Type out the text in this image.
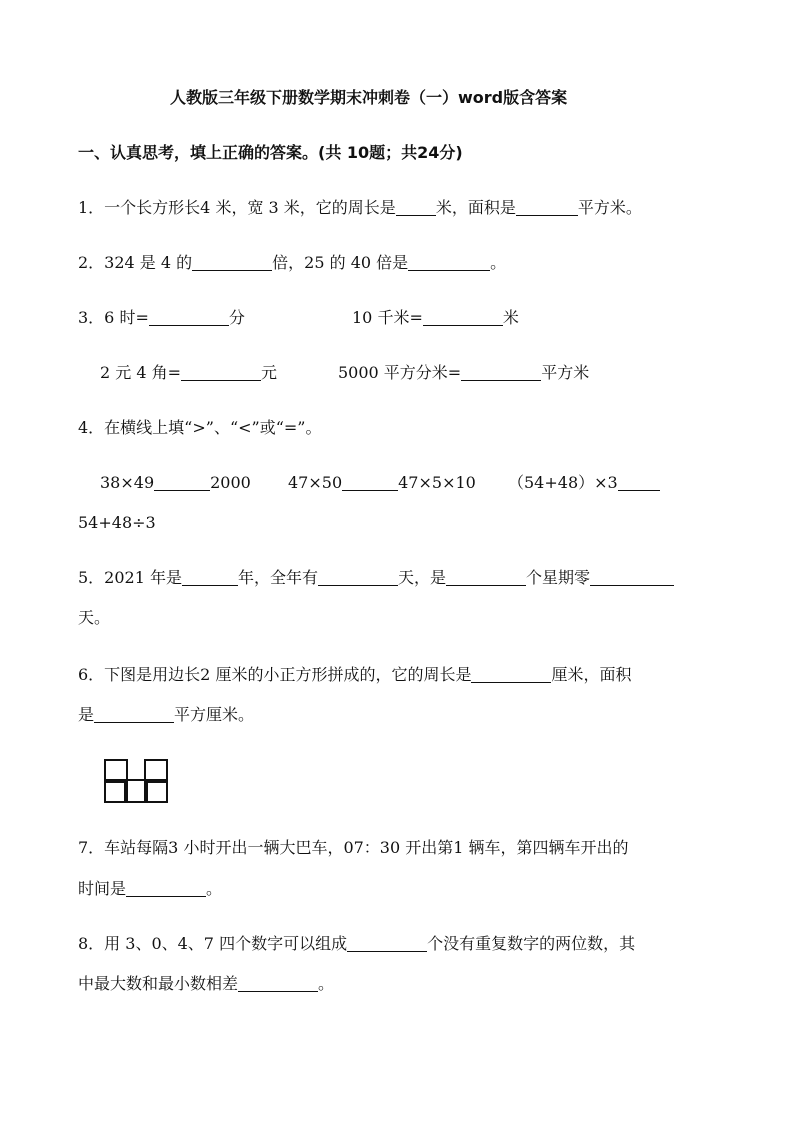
人教版三年级下册数学期末冲刺卷（一）word版含答案
一、认真思考，填上正确的答案。(共 10题；共24分)
1．一个长方形长4 米，宽 3 米，它的周长是	米，面积是	平方米。
2．324 是 4 的	倍，25 的 40 倍是	。
3．6 时=	分	10 千米=	米
2 元 4 角=	元	5000 平方分米=	平方米
4．在横线上填“>”、“<”或“=”。
38×49	2000 47×50	47×5×10 （54+48）×3
54+48÷3
5．2021 年是	年，全年有	天，是	个星期零
天。
6．下图是用边长2 厘米的小正方形拼成的，它的周长是	厘米，面积
是	平方厘米。
7．车站每隔3 小时开出一辆大巴车，07：30 开出第1 辆车，第四辆车开出的
时间是	。
8．用 3、0、4、7 四个数字可以组成	个没有重复数字的两位数，其
中最大数和最小数相差	。
